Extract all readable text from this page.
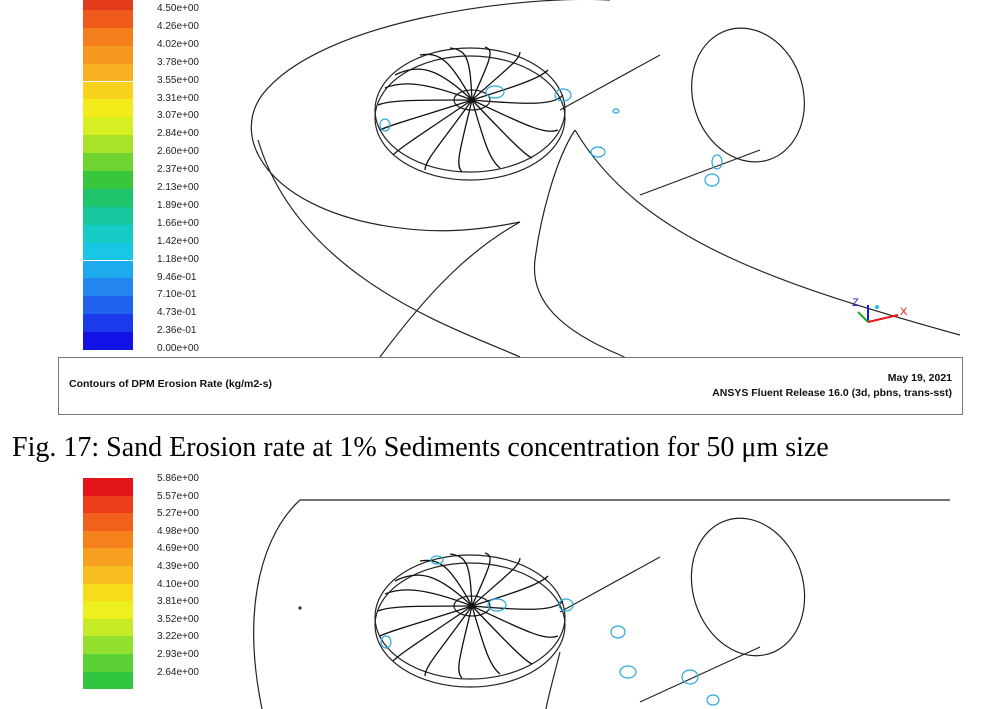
4.50e+00
4.26e+00
4.02e+00
3.78e+00
3.55e+00
3.31e+00
3.07e+00
2.84e+00
2.60e+00
2.37e+00
2.13e+00
1.89e+00
1.66e+00
1.42e+00
1.18e+00
9.46e-01
7.10e-01
4.73e-01
2.36e-01
0.00e+00
Z
X
Contours of DPM Erosion Rate (kg/m2-s)	May 19, 2021
ANSYS Fluent Release 16.0 (3d, pbns, trans-sst)
Fig. 17: Sand Erosion rate at 1% Sediments concentration for 50 μm size
5.86e+00
5.57e+00
5.27e+00
4.98e+00
4.69e+00
4.39e+00
4.10e+00
3.81e+00
3.52e+00
3.22e+00
2.93e+00
2.64e+00
